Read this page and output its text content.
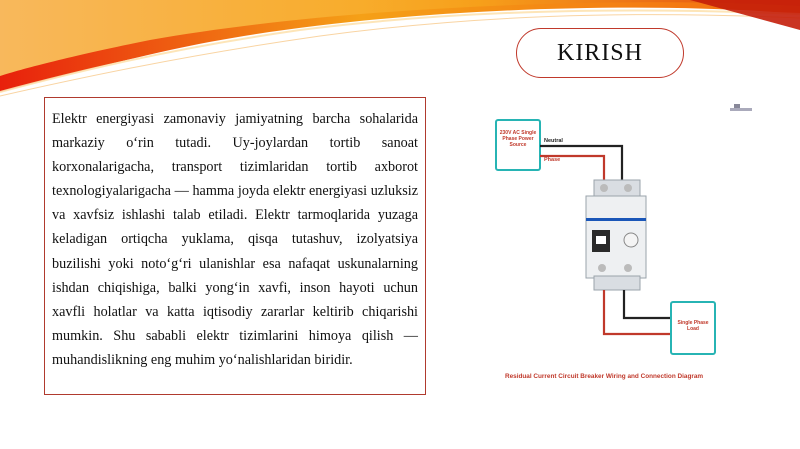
KIRISH

Elektr energiyasi zamonaviy jamiyatning barcha sohalarida markaziy o‘rin tutadi. Uy-joylardan tortib sanoat korxonalarigacha, transport tizimlaridan tortib axborot texnologiyalarigacha — hamma joyda elektr energiyasi uzluksiz va xavfsiz ishlashi talab etiladi. Elektr tarmoqlarida yuzaga keladigan ortiqcha yuklama, qisqa tutashuv, izolyatsiya buzilishi yoki noto‘g‘ri ulanishlar esa nafaqat uskunalarning ishdan chiqishiga, balki yong‘in xavfi, inson hayoti uchun xavfli holatlar va katta iqtisodiy zararlar keltirib chiqarishi mumkin. Shu sababli elektr tizimlarini himoya qilish — muhandislikning eng muhim yo‘nalishlaridan biridir.

230V AC Single Phase Power Source
Neutral
Phase
Single Phase Load
Residual Current Circuit Breaker Wiring and Connection Diagram
